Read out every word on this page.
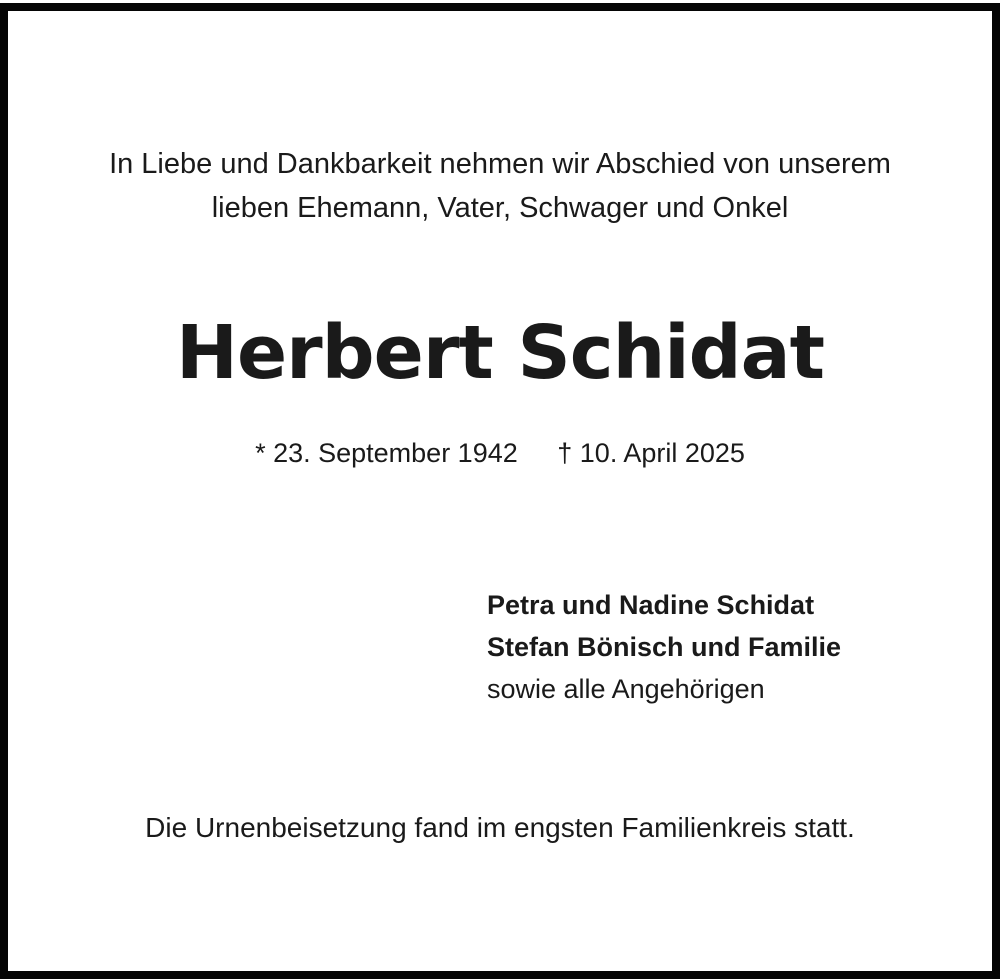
In Liebe und Dankbarkeit nehmen wir Abschied von unserem
lieben Ehemann, Vater, Schwager und Onkel
Herbert Schidat
* 23. September 1942 † 10. April 2025
Petra und Nadine Schidat
Stefan Bönisch und Familie
sowie alle Angehörigen
Die Urnenbeisetzung fand im engsten Familienkreis statt.
